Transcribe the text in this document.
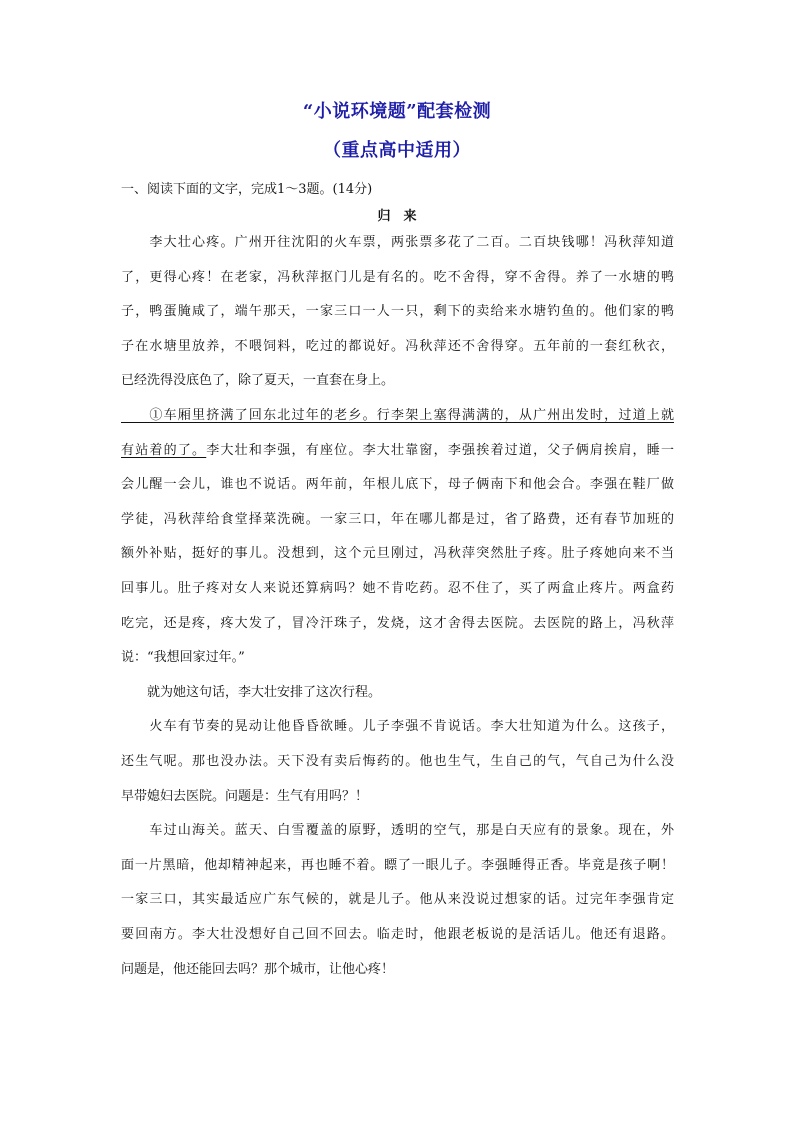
“小说环境题”配套检测
（重点高中适用）
一、阅读下面的文字，完成1～3题。(14分)
归　来
　　李大壮心疼。广州开往沈阳的火车票，两张票多花了二百。二百块钱哪！冯秋萍知道
了，更得心疼！在老家，冯秋萍抠门儿是有名的。吃不舍得，穿不舍得。养了一水塘的鸭
子，鸭蛋腌咸了，端午那天，一家三口一人一只，剩下的卖给来水塘钓鱼的。他们家的鸭
子在水塘里放养，不喂饲料，吃过的都说好。冯秋萍还不舍得穿。五年前的一套红秋衣，
已经洗得没底色了，除了夏天，一直套在身上。
　　①车厢里挤满了回东北过年的老乡。行李架上塞得满满的，从广州出发时，过道上就
有站着的了。李大壮和李强，有座位。李大壮靠窗，李强挨着过道，父子俩肩挨肩，睡一
会儿醒一会儿，谁也不说话。两年前，年根儿底下，母子俩南下和他会合。李强在鞋厂做
学徒，冯秋萍给食堂择菜洗碗。一家三口，年在哪儿都是过，省了路费，还有春节加班的
额外补贴，挺好的事儿。没想到，这个元旦刚过，冯秋萍突然肚子疼。肚子疼她向来不当
回事儿。肚子疼对女人来说还算病吗？她不肯吃药。忍不住了，买了两盒止疼片。两盒药
吃完，还是疼，疼大发了，冒冷汗珠子，发烧，这才舍得去医院。去医院的路上，冯秋萍
说：“我想回家过年。”
　　就为她这句话，李大壮安排了这次行程。
　　火车有节奏的晃动让他昏昏欲睡。儿子李强不肯说话。李大壮知道为什么。这孩子，
还生气呢。那也没办法。天下没有卖后悔药的。他也生气，生自己的气，气自己为什么没
早带媳妇去医院。问题是：生气有用吗？！
　　车过山海关。蓝天、白雪覆盖的原野，透明的空气，那是白天应有的景象。现在，外
面一片黑暗，他却精神起来，再也睡不着。瞟了一眼儿子。李强睡得正香。毕竟是孩子啊！
一家三口，其实最适应广东气候的，就是儿子。他从来没说过想家的话。过完年李强肯定
要回南方。李大壮没想好自己回不回去。临走时，他跟老板说的是活话儿。他还有退路。
问题是，他还能回去吗？那个城市，让他心疼！
